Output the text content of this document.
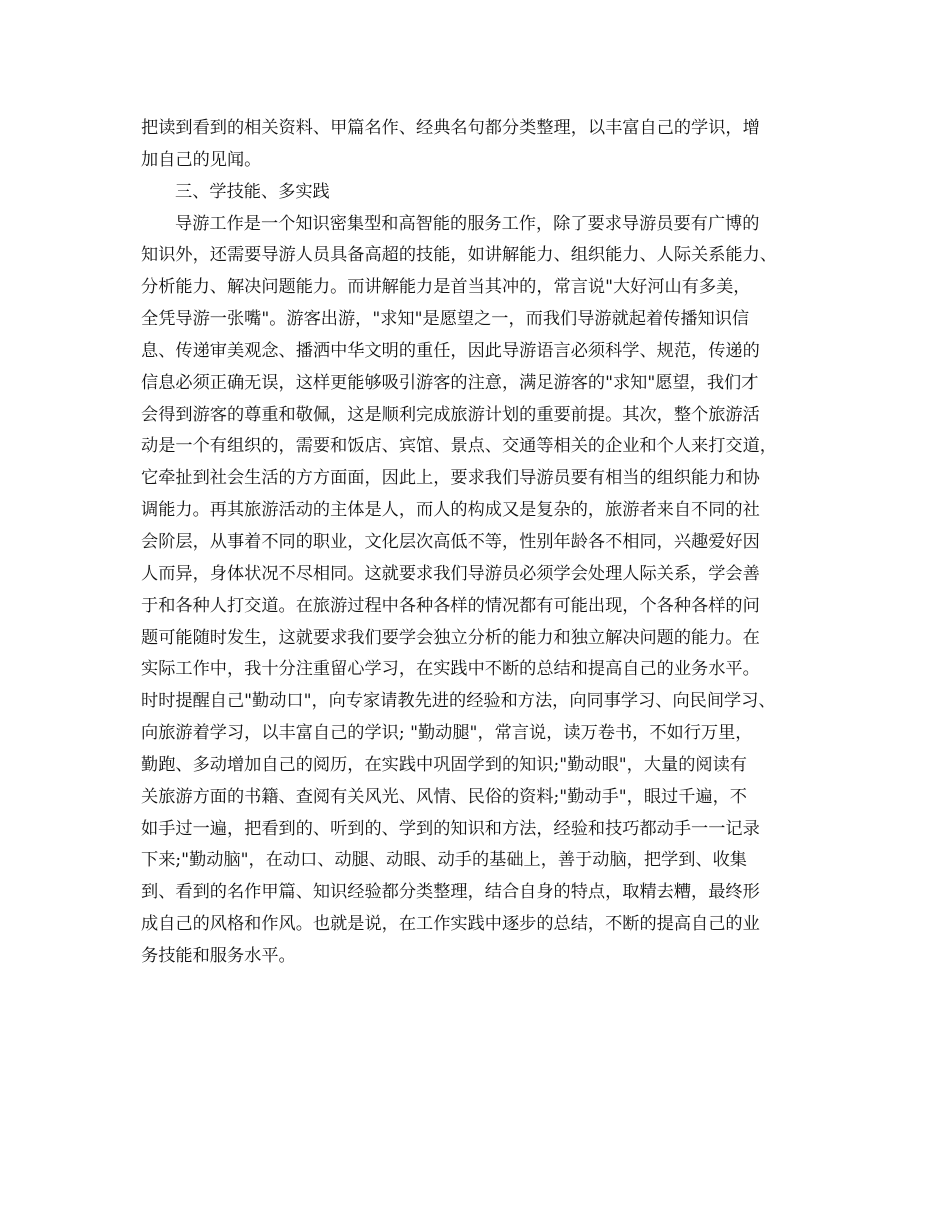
把读到看到的相关资料、甲篇名作、经典名句都分类整理，以丰富自己的学识，增
加自己的见闻。
三、学技能、多实践
导游工作是一个知识密集型和高智能的服务工作，除了要求导游员要有广博的
知识外，还需要导游人员具备高超的技能，如讲解能力、组织能力、人际关系能力、
分析能力、解决问题能力。而讲解能力是首当其冲的，常言说"大好河山有多美，
全凭导游一张嘴"。游客出游，"求知"是愿望之一，而我们导游就起着传播知识信
息、传递审美观念、播洒中华文明的重任，因此导游语言必须科学、规范，传递的
信息必须正确无误，这样更能够吸引游客的注意，满足游客的"求知"愿望，我们才
会得到游客的尊重和敬佩，这是顺利完成旅游计划的重要前提。其次，整个旅游活
动是一个有组织的，需要和饭店、宾馆、景点、交通等相关的企业和个人来打交道，
它牵扯到社会生活的方方面面，因此上，要求我们导游员要有相当的组织能力和协
调能力。再其旅游活动的主体是人，而人的构成又是复杂的，旅游者来自不同的社
会阶层，从事着不同的职业，文化层次高低不等，性别年龄各不相同，兴趣爱好因
人而异，身体状况不尽相同。这就要求我们导游员必须学会处理人际关系，学会善
于和各种人打交道。在旅游过程中各种各样的情况都有可能出现，个各种各样的问
题可能随时发生，这就要求我们要学会独立分析的能力和独立解决问题的能力。在
实际工作中，我十分注重留心学习，在实践中不断的总结和提高自己的业务水平。
时时提醒自己"勤动口"，向专家请教先进的经验和方法，向同事学习、向民间学习、
向旅游着学习，以丰富自己的学识; "勤动腿"，常言说，读万卷书，不如行万里，
勤跑、多动增加自己的阅历，在实践中巩固学到的知识;"勤动眼"，大量的阅读有
关旅游方面的书籍、查阅有关风光、风情、民俗的资料;"勤动手"，眼过千遍，不
如手过一遍，把看到的、听到的、学到的知识和方法，经验和技巧都动手一一记录
下来;"勤动脑"，在动口、动腿、动眼、动手的基础上，善于动脑，把学到、收集
到、看到的名作甲篇、知识经验都分类整理，结合自身的特点，取精去糟，最终形
成自己的风格和作风。也就是说，在工作实践中逐步的总结，不断的提高自己的业
务技能和服务水平。
